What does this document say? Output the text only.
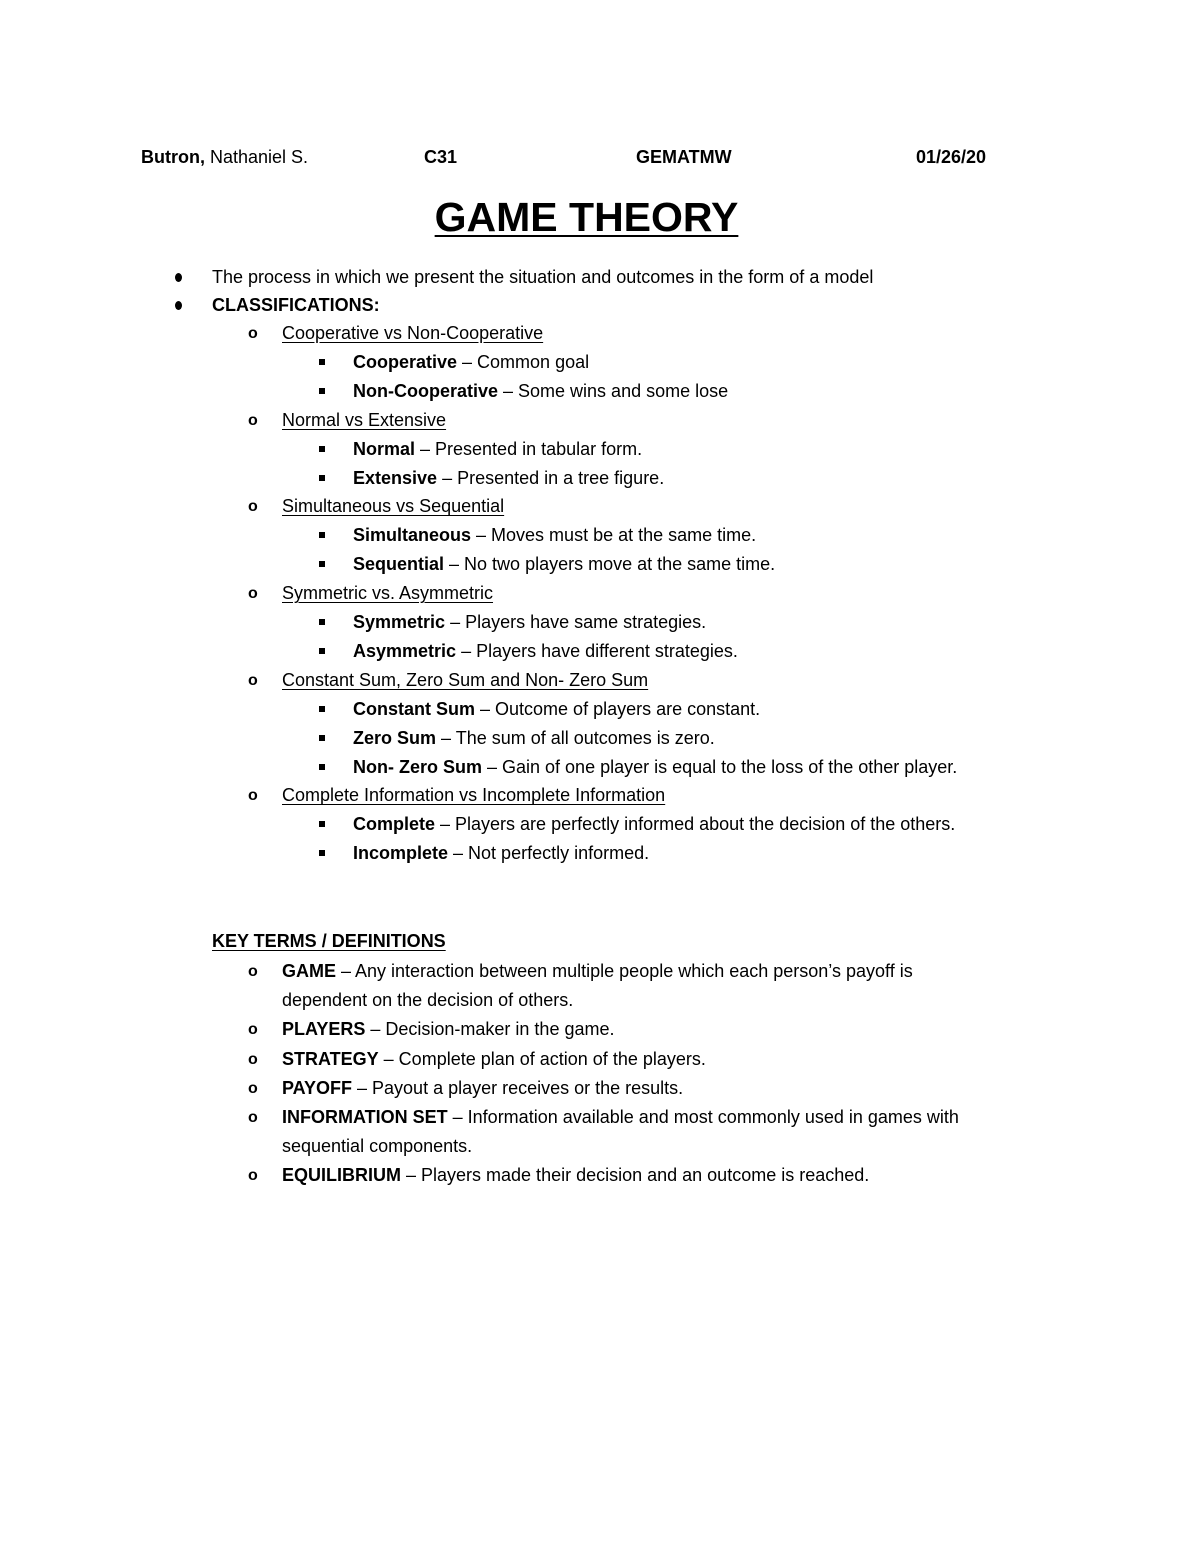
Butron, Nathaniel S.	C31	GEMATMW	01/26/20
GAME THEORY
The process in which we present the situation and outcomes in the form of a model
CLASSIFICATIONS:
o Cooperative vs Non-Cooperative
Cooperative – Common goal
Non-Cooperative – Some wins and some lose
o Normal vs Extensive
Normal – Presented in tabular form.
Extensive – Presented in a tree figure.
o Simultaneous vs Sequential
Simultaneous – Moves must be at the same time.
Sequential – No two players move at the same time.
o Symmetric vs. Asymmetric
Symmetric – Players have same strategies.
Asymmetric – Players have different strategies.
o Constant Sum, Zero Sum and Non- Zero Sum
Constant Sum – Outcome of players are constant.
Zero Sum – The sum of all outcomes is zero.
Non- Zero Sum – Gain of one player is equal to the loss of the other player.
o Complete Information vs Incomplete Information
Complete – Players are perfectly informed about the decision of the others.
Incomplete – Not perfectly informed.
KEY TERMS / DEFINITIONS
o GAME – Any interaction between multiple people which each person’s payoff is
dependent on the decision of others.
o PLAYERS – Decision-maker in the game.
o STRATEGY – Complete plan of action of the players.
o PAYOFF – Payout a player receives or the results.
o INFORMATION SET – Information available and most commonly used in games with
sequential components.
o EQUILIBRIUM – Players made their decision and an outcome is reached.
